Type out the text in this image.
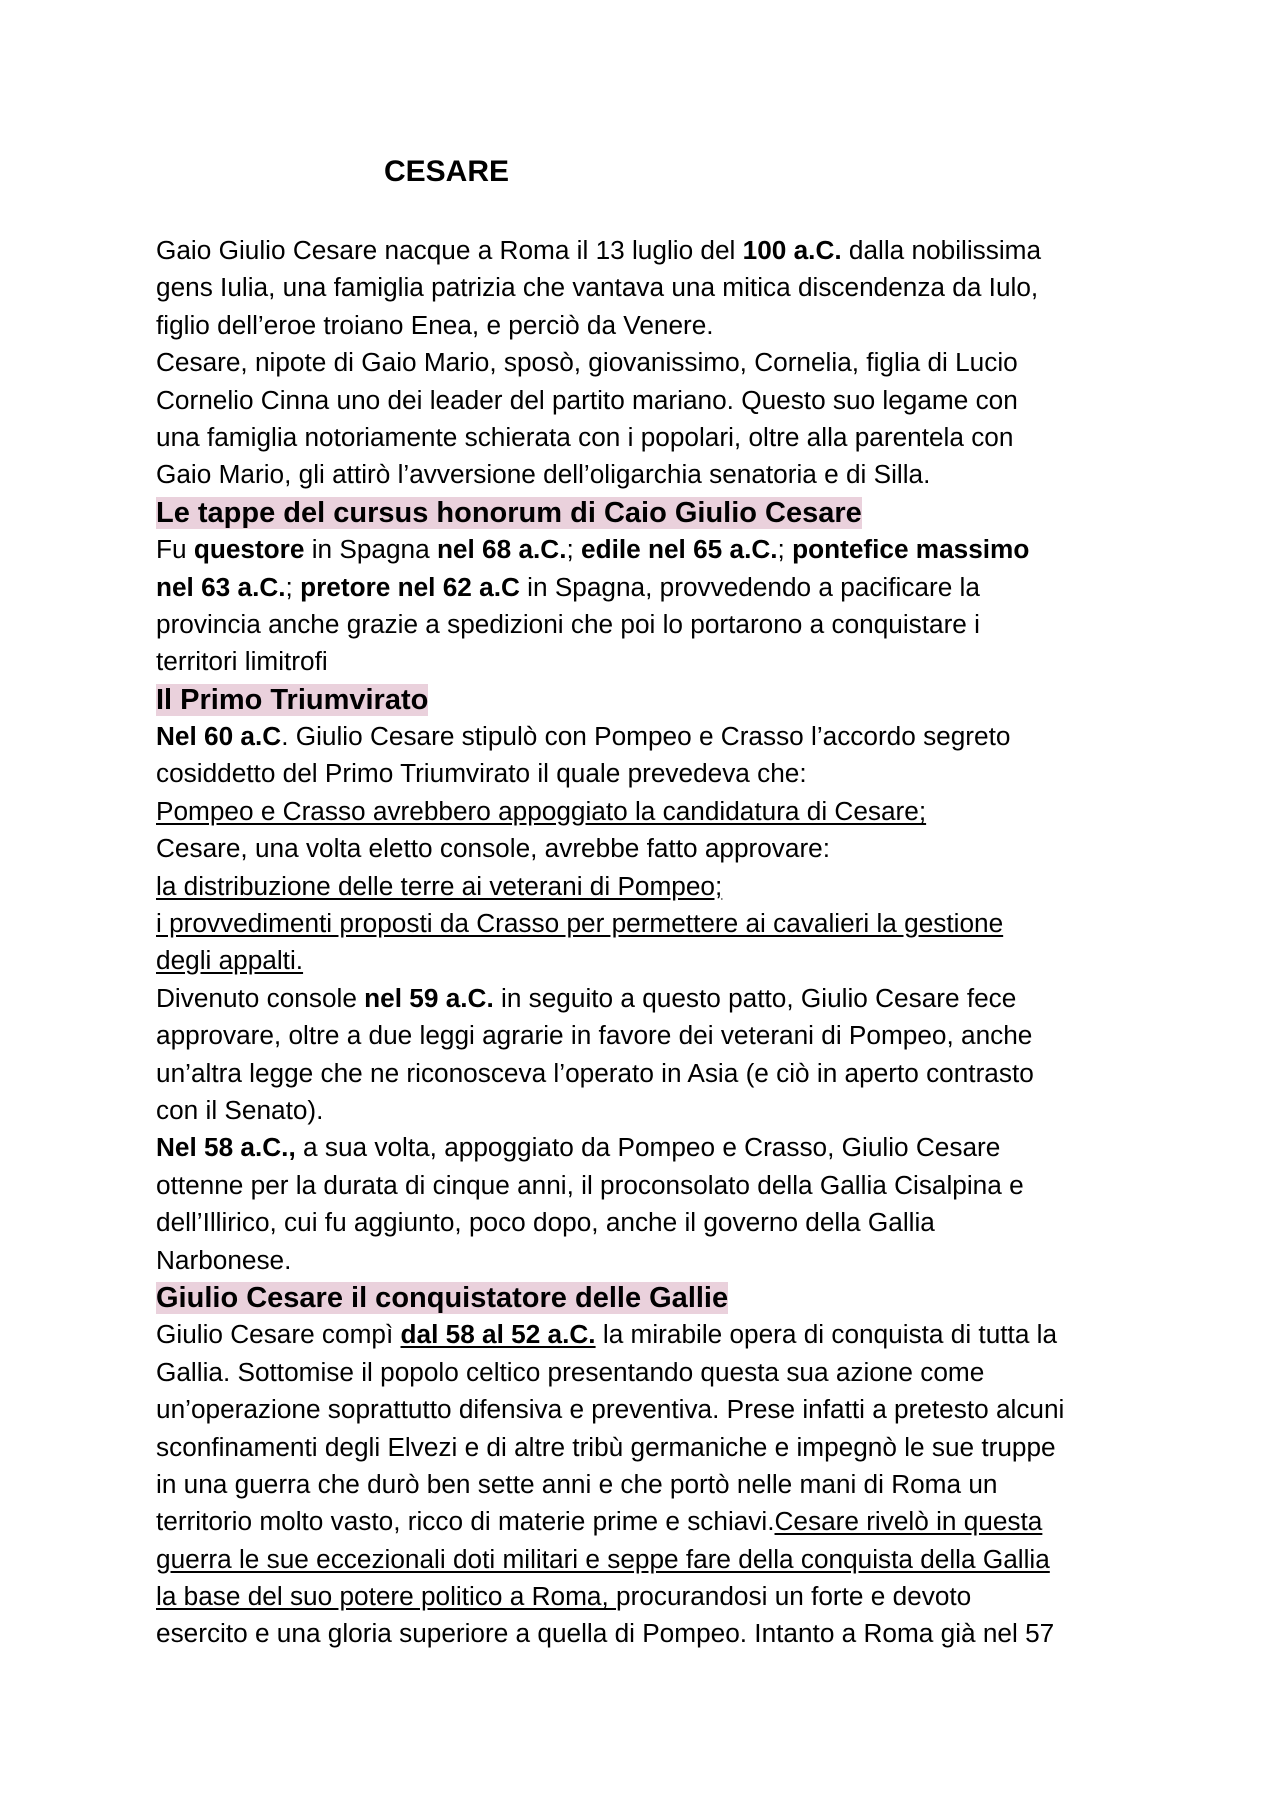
CESARE
Gaio Giulio Cesare nacque a Roma il 13 luglio del 100 a.C. dalla nobilissima
gens Iulia, una famiglia patrizia che vantava una mitica discendenza da Iulo,
figlio dell’eroe troiano Enea, e perciò da Venere.
Cesare, nipote di Gaio Mario, sposò, giovanissimo, Cornelia, figlia di Lucio
Cornelio Cinna uno dei leader del partito mariano. Questo suo legame con
una famiglia notoriamente schierata con i popolari, oltre alla parentela con
Gaio Mario, gli attirò l’avversione dell’oligarchia senatoria e di Silla.
Le tappe del cursus honorum di Caio Giulio Cesare
Fu questore in Spagna nel 68 a.C.; edile nel 65 a.C.; pontefice massimo
nel 63 a.C.; pretore nel 62 a.C in Spagna, provvedendo a pacificare la
provincia anche grazie a spedizioni che poi lo portarono a conquistare i
territori limitrofi
Il Primo Triumvirato
Nel 60 a.C. Giulio Cesare stipulò con Pompeo e Crasso l’accordo segreto
cosiddetto del Primo Triumvirato il quale prevedeva che:
Pompeo e Crasso avrebbero appoggiato la candidatura di Cesare;
Cesare, una volta eletto console, avrebbe fatto approvare:
la distribuzione delle terre ai veterani di Pompeo;
i provvedimenti proposti da Crasso per permettere ai cavalieri la gestione
degli appalti.
Divenuto console nel 59 a.C. in seguito a questo patto, Giulio Cesare fece
approvare, oltre a due leggi agrarie in favore dei veterani di Pompeo, anche
un’altra legge che ne riconosceva l’operato in Asia (e ciò in aperto contrasto
con il Senato).
Nel 58 a.C., a sua volta, appoggiato da Pompeo e Crasso, Giulio Cesare
ottenne per la durata di cinque anni, il proconsolato della Gallia Cisalpina e
dell’Illirico, cui fu aggiunto, poco dopo, anche il governo della Gallia
Narbonese.
Giulio Cesare il conquistatore delle Gallie
Giulio Cesare compì dal 58 al 52 a.C. la mirabile opera di conquista di tutta la
Gallia. Sottomise il popolo celtico presentando questa sua azione come
un’operazione soprattutto difensiva e preventiva. Prese infatti a pretesto alcuni
sconfinamenti degli Elvezi e di altre tribù germaniche e impegnò le sue truppe
in una guerra che durò ben sette anni e che portò nelle mani di Roma un
territorio molto vasto, ricco di materie prime e schiavi.Cesare rivelò in questa
guerra le sue eccezionali doti militari e seppe fare della conquista della Gallia
la base del suo potere politico a Roma, procurandosi un forte e devoto
esercito e una gloria superiore a quella di Pompeo. Intanto a Roma già nel 57
